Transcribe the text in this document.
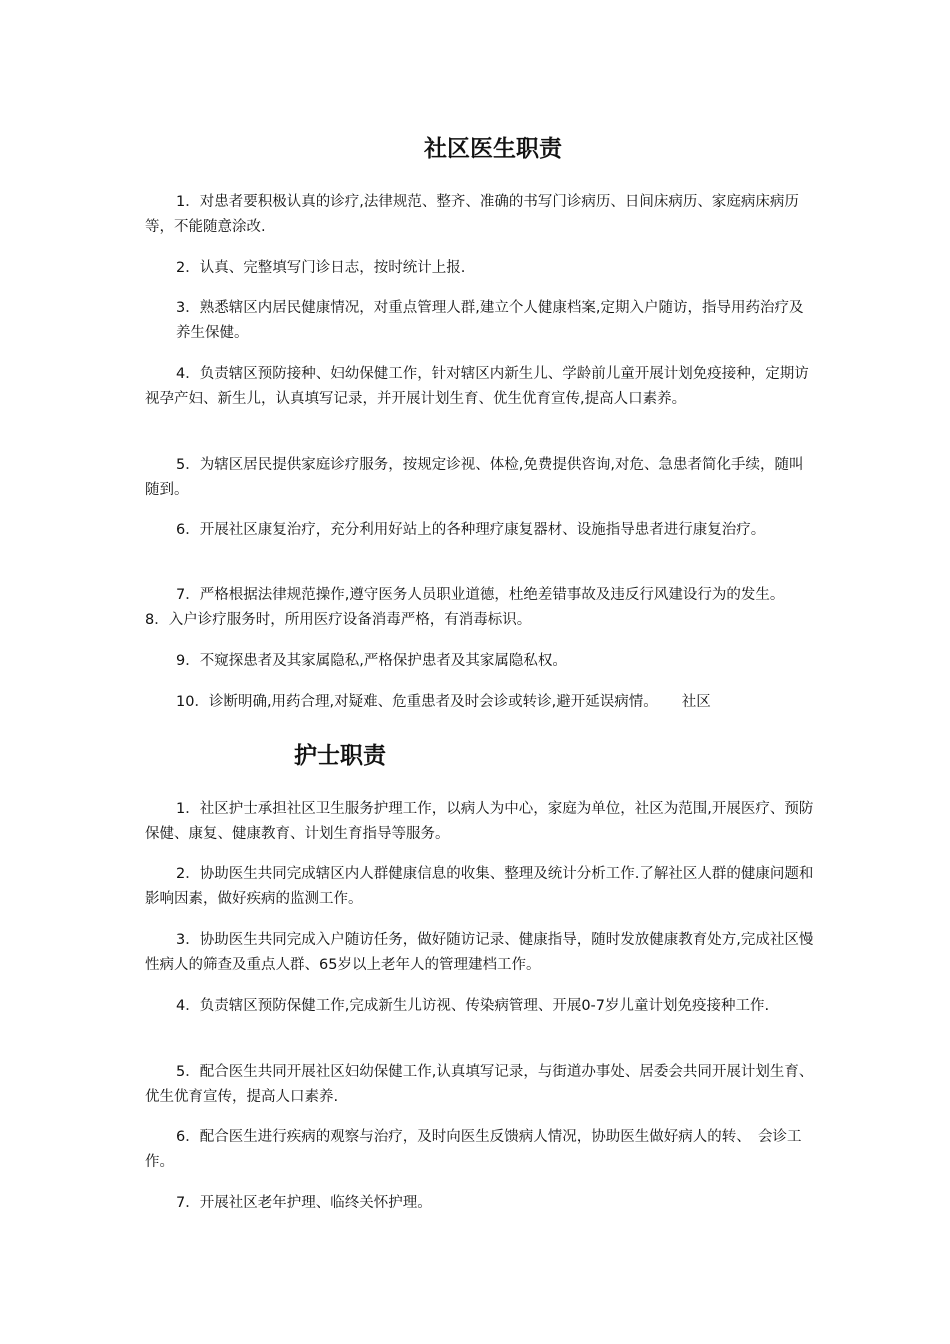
社区医生职责

1．对患者要积极认真的诊疗,法律规范、整齐、准确的书写门诊病历、日间床病历、家庭病床病历等，不能随意涂改.

2．认真、完整填写门诊日志，按时统计上报.

3．熟悉辖区内居民健康情况，对重点管理人群,建立个人健康档案,定期入户随访，指导用药治疗及养生保健。

4．负责辖区预防接种、妇幼保健工作，针对辖区内新生儿、学龄前儿童开展计划免疫接种，定期访视孕产妇、新生儿，认真填写记录，并开展计划生育、优生优育宣传,提高人口素养。

5．为辖区居民提供家庭诊疗服务，按规定诊视、体检,免费提供咨询,对危、急患者简化手续，随叫随到。

6．开展社区康复治疗，充分利用好站上的各种理疗康复器材、设施指导患者进行康复治疗。

7．严格根据法律规范操作,遵守医务人员职业道德，杜绝差错事故及违反行风建设行为的发生。8．入户诊疗服务时，所用医疗设备消毒严格，有消毒标识。

9．不窥探患者及其家属隐私,严格保护患者及其家属隐私权。

10．诊断明确,用药合理,对疑难、危重患者及时会诊或转诊,避开延误病情。 社区

护士职责

1．社区护士承担社区卫生服务护理工作，以病人为中心，家庭为单位，社区为范围,开展医疗、预防保健、康复、健康教育、计划生育指导等服务。

2．协助医生共同完成辖区内人群健康信息的收集、整理及统计分析工作.了解社区人群的健康问题和影响因素，做好疾病的监测工作。

3．协助医生共同完成入户随访任务，做好随访记录、健康指导，随时发放健康教育处方,完成社区慢性病人的筛查及重点人群、65岁以上老年人的管理建档工作。

4．负责辖区预防保健工作,完成新生儿访视、传染病管理、开展0-7岁儿童计划免疫接种工作.

5．配合医生共同开展社区妇幼保健工作,认真填写记录，与街道办事处、居委会共同开展计划生育、优生优育宣传，提高人口素养.

6．配合医生进行疾病的观察与治疗，及时向医生反馈病人情况，协助医生做好病人的转、　会诊工作。

7．开展社区老年护理、临终关怀护理。
